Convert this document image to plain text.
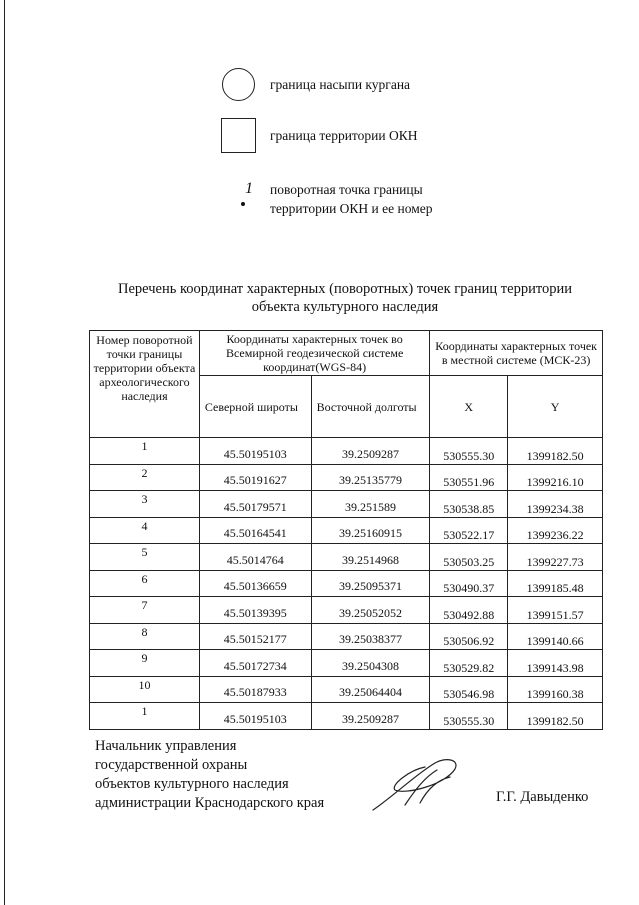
граница насыпи кургана
граница территории ОКН
1 поворотная точка границы
территории ОКН и ее номер
Перечень координат характерных (поворотных) точек границ территории
объекта культурного наследия
Номер поворотной точки границы территории объекта археологического наследия	Координаты характерных точек во Всемирной геодезической системе координат(WGS-84)		Координаты характерных точек в местной системе (МСК-23)	
	Северной широты	Восточной долготы	X	Y
1	45.50195103	39.2509287	530555.30	1399182.50
2	45.50191627	39.25135779	530551.96	1399216.10
3	45.50179571	39.251589	530538.85	1399234.38
4	45.50164541	39.25160915	530522.17	1399236.22
5	45.5014764	39.2514968	530503.25	1399227.73
6	45.50136659	39.25095371	530490.37	1399185.48
7	45.50139395	39.25052052	530492.88	1399151.57
8	45.50152177	39.25038377	530506.92	1399140.66
9	45.50172734	39.2504308	530529.82	1399143.98
10	45.50187933	39.25064404	530546.98	1399160.38
1	45.50195103	39.2509287	530555.30	1399182.50
Начальник управления
государственной охраны
объектов культурного наследия
администрации Краснодарского края	Г.Г. Давыденко
